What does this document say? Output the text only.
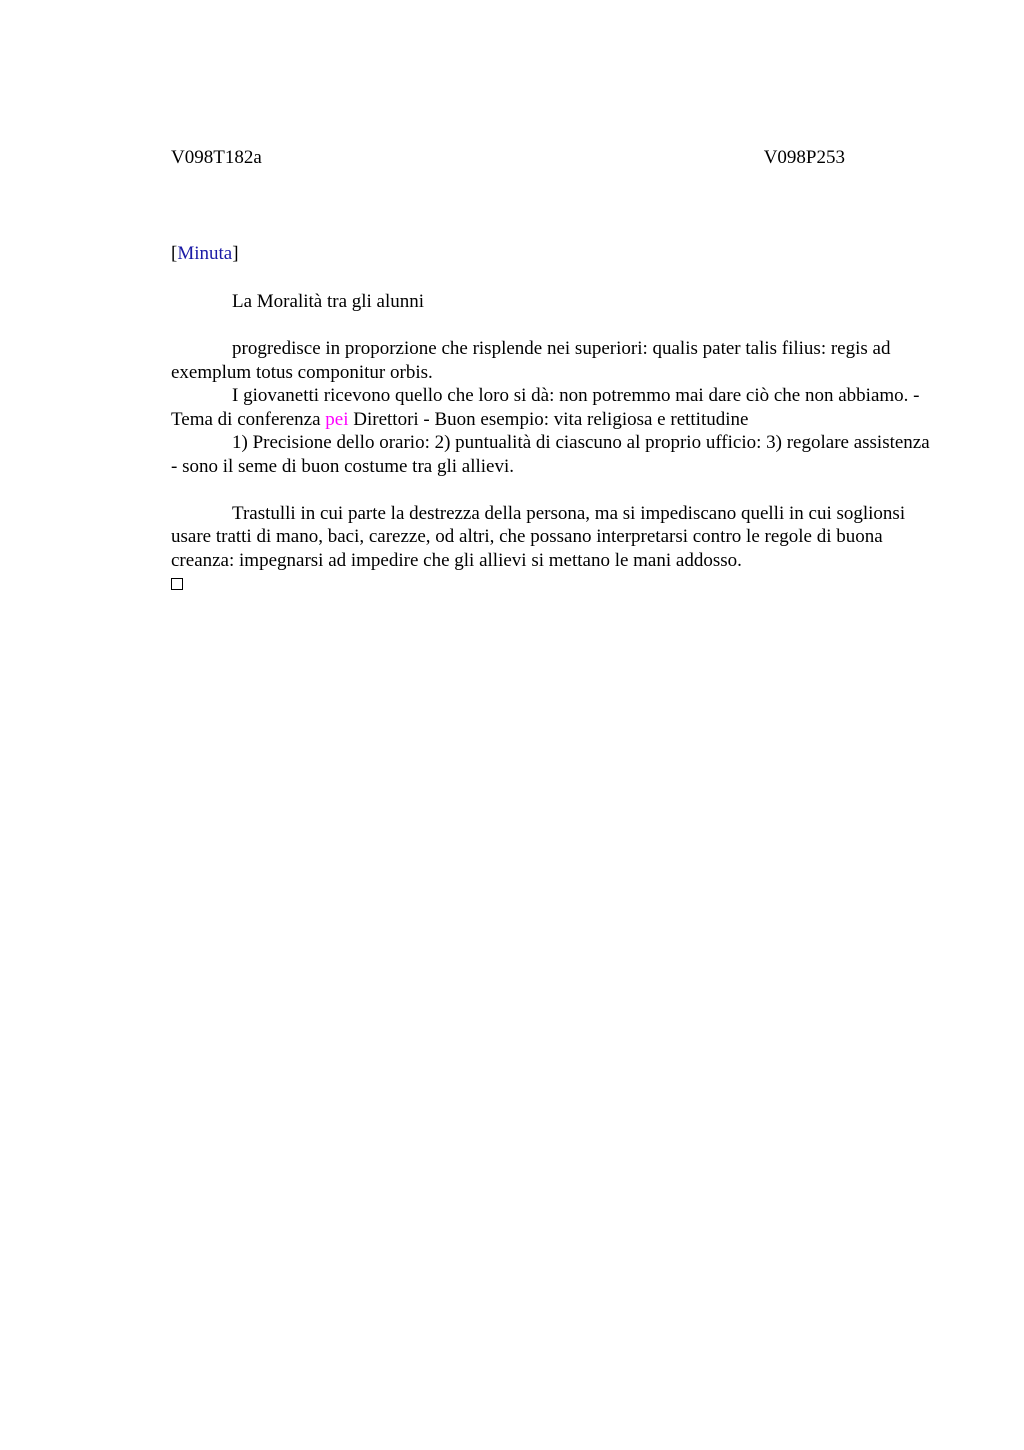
V098T182a	V098P253

[Minuta]

La Moralità tra gli alunni

progredisce in proporzione che risplende nei superiori: qualis pater talis filius: regis ad exemplum totus componitur orbis.

I giovanetti ricevono quello che loro si dà: non potremmo mai dare ciò che non abbiamo. - Tema di conferenza pei Direttori - Buon esempio: vita religiosa e rettitudine

1) Precisione dello orario: 2) puntualità di ciascuno al proprio ufficio: 3) regolare assistenza - sono il seme di buon costume tra gli allievi.

Trastulli in cui parte la destrezza della persona, ma si impediscano quelli in cui soglionsi usare tratti di mano, baci, carezze, od altri, che possano interpretarsi contro le regole di buona creanza: impegnarsi ad impedire che gli allievi si mettano le mani addosso.
